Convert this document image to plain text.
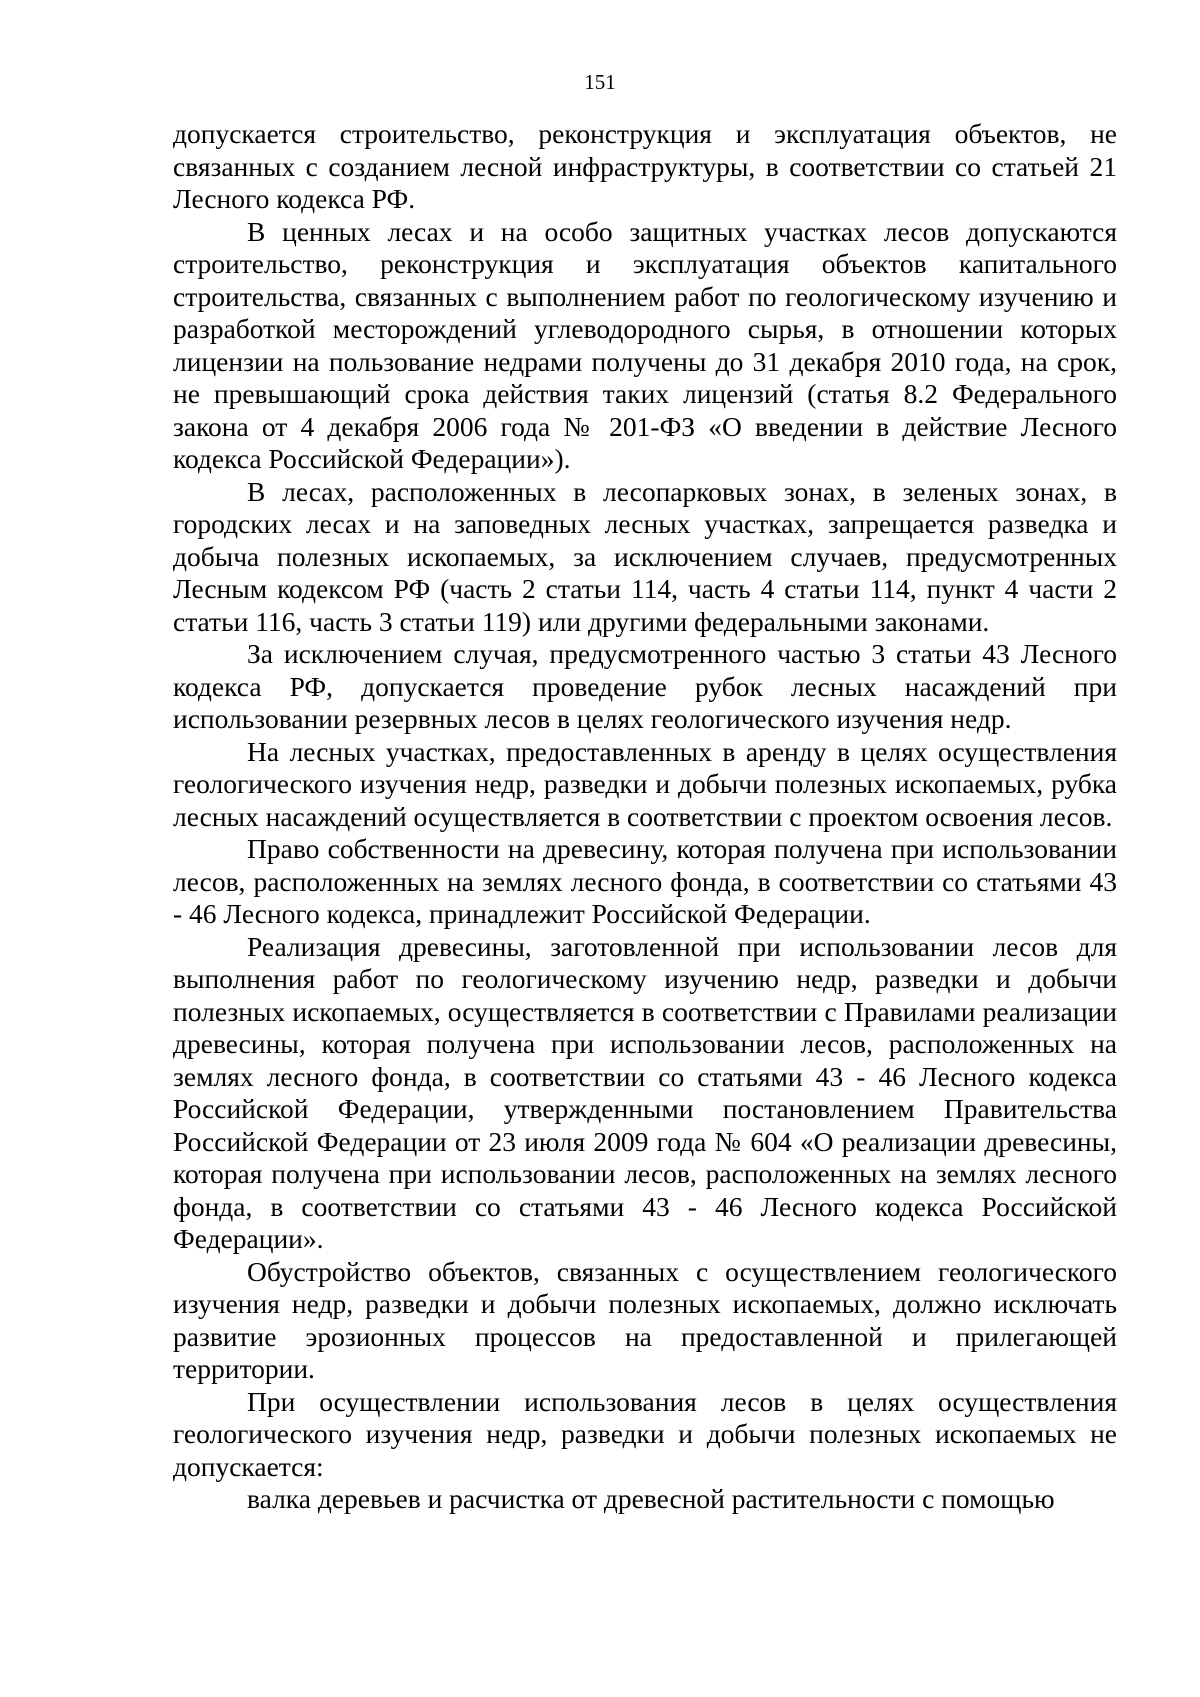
151

допускается строительство, реконструкция и эксплуатация объектов, не связанных с созданием лесной инфраструктуры, в соответствии со статьей 21 Лесного кодекса РФ.

В ценных лесах и на особо защитных участках лесов допускаются строительство, реконструкция и эксплуатация объектов капитального строительства, связанных с выполнением работ по геологическому изучению и разработкой месторождений углеводородного сырья, в отношении которых лицензии на пользование недрами получены до 31 декабря 2010 года, на срок, не превышающий срока действия таких лицензий (статья 8.2 Федерального закона от 4 декабря 2006 года № 201-ФЗ «О введении в действие Лесного кодекса Российской Федерации»).

В лесах, расположенных в лесопарковых зонах, в зеленых зонах, в городских лесах и на заповедных лесных участках, запрещается разведка и добыча полезных ископаемых, за исключением случаев, предусмотренных Лесным кодексом РФ (часть 2 статьи 114, часть 4 статьи 114, пункт 4 части 2 статьи 116, часть 3 статьи 119) или другими федеральными законами.

За исключением случая, предусмотренного частью 3 статьи 43 Лесного кодекса РФ, допускается проведение рубок лесных насаждений при использовании резервных лесов в целях геологического изучения недр.

На лесных участках, предоставленных в аренду в целях осуществления геологического изучения недр, разведки и добычи полезных ископаемых, рубка лесных насаждений осуществляется в соответствии с проектом освоения лесов.

Право собственности на древесину, которая получена при использовании лесов, расположенных на землях лесного фонда, в соответствии со статьями 43 - 46 Лесного кодекса, принадлежит Российской Федерации.

Реализация древесины, заготовленной при использовании лесов для выполнения работ по геологическому изучению недр, разведки и добычи полезных ископаемых, осуществляется в соответствии с Правилами реализации древесины, которая получена при использовании лесов, расположенных на землях лесного фонда, в соответствии со статьями 43 - 46 Лесного кодекса Российской Федерации, утвержденными постановлением Правительства Российской Федерации от 23 июля 2009 года № 604 «О реализации древесины, которая получена при использовании лесов, расположенных на землях лесного фонда, в соответствии со статьями 43 - 46 Лесного кодекса Российской Федерации».

Обустройство объектов, связанных с осуществлением геологического изучения недр, разведки и добычи полезных ископаемых, должно исключать развитие эрозионных процессов на предоставленной и прилегающей территории.

При осуществлении использования лесов в целях осуществления геологического изучения недр, разведки и добычи полезных ископаемых не допускается:

валка деревьев и расчистка от древесной растительности с помощью
